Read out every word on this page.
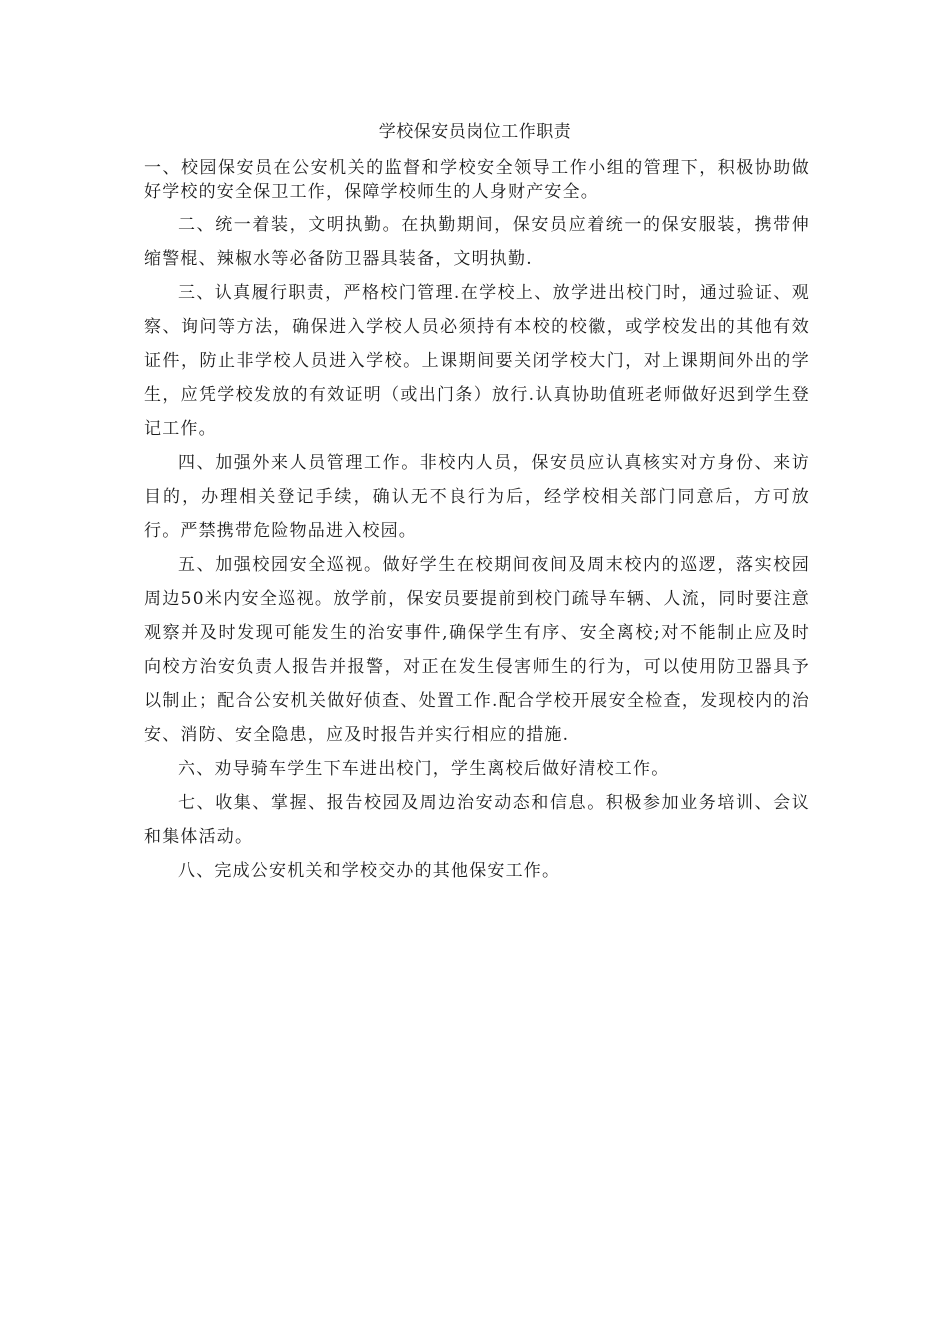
学校保安员岗位工作职责

一、校园保安员在公安机关的监督和学校安全领导工作小组的管理下，积极协助做好学校的安全保卫工作，保障学校师生的人身财产安全。

二、统一着装，文明执勤。在执勤期间，保安员应着统一的保安服装，携带伸缩警棍、辣椒水等必备防卫器具装备，文明执勤.

三、认真履行职责，严格校门管理.在学校上、放学进出校门时，通过验证、观察、询问等方法，确保进入学校人员必须持有本校的校徽，或学校发出的其他有效证件，防止非学校人员进入学校。上课期间要关闭学校大门，对上课期间外出的学生，应凭学校发放的有效证明（或出门条）放行.认真协助值班老师做好迟到学生登记工作。

四、加强外来人员管理工作。非校内人员，保安员应认真核实对方身份、来访目的，办理相关登记手续，确认无不良行为后，经学校相关部门同意后，方可放行。严禁携带危险物品进入校园。

五、加强校园安全巡视。做好学生在校期间夜间及周末校内的巡逻，落实校园周边50米内安全巡视。放学前，保安员要提前到校门疏导车辆、人流，同时要注意观察并及时发现可能发生的治安事件,确保学生有序、安全离校;对不能制止应及时向校方治安负责人报告并报警，对正在发生侵害师生的行为，可以使用防卫器具予以制止；配合公安机关做好侦查、处置工作.配合学校开展安全检查，发现校内的治安、消防、安全隐患，应及时报告并实行相应的措施.

六、劝导骑车学生下车进出校门，学生离校后做好清校工作。

七、收集、掌握、报告校园及周边治安动态和信息。积极参加业务培训、会议和集体活动。

八、完成公安机关和学校交办的其他保安工作。
